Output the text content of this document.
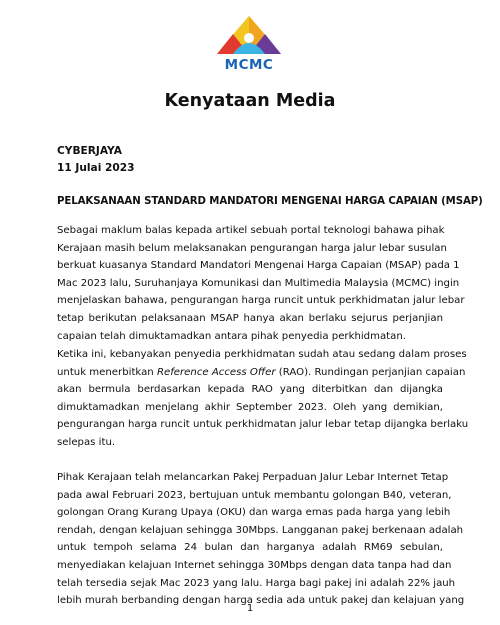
MCMC
Kenyataan Media
CYBERJAYA
11 Julai 2023
PELAKSANAAN STANDARD MANDATORI MENGENAI HARGA CAPAIAN (MSAP)

Sebagai maklum balas kepada artikel sebuah portal teknologi bahawa pihak
Kerajaan masih belum melaksanakan pengurangan harga jalur lebar susulan
berkuat kuasanya Standard Mandatori Mengenai Harga Capaian (MSAP) pada 1
Mac 2023 lalu, Suruhanjaya Komunikasi dan Multimedia Malaysia (MCMC) ingin
menjelaskan bahawa, pengurangan harga runcit untuk perkhidmatan jalur lebar
tetap berikutan pelaksanaan MSAP hanya akan berlaku sejurus perjanjian
capaian telah dimuktamadkan antara pihak penyedia perkhidmatan.

Ketika ini, kebanyakan penyedia perkhidmatan sudah atau sedang dalam proses
untuk menerbitkan Reference Access Offer (RAO). Rundingan perjanjian capaian
akan bermula berdasarkan kepada RAO yang diterbitkan dan dijangka
dimuktamadkan menjelang akhir September 2023. Oleh yang demikian,
pengurangan harga runcit untuk perkhidmatan jalur lebar tetap dijangka berlaku
selepas itu.

Pihak Kerajaan telah melancarkan Pakej Perpaduan Jalur Lebar Internet Tetap
pada awal Februari 2023, bertujuan untuk membantu golongan B40, veteran,
golongan Orang Kurang Upaya (OKU) dan warga emas pada harga yang lebih
rendah, dengan kelajuan sehingga 30Mbps. Langganan pakej berkenaan adalah
untuk tempoh selama 24 bulan dan harganya adalah RM69 sebulan,
menyediakan kelajuan Internet sehingga 30Mbps dengan data tanpa had dan
telah tersedia sejak Mac 2023 yang lalu. Harga bagi pakej ini adalah 22% jauh
lebih murah berbanding dengan harga sedia ada untuk pakej dan kelajuan yang

1
